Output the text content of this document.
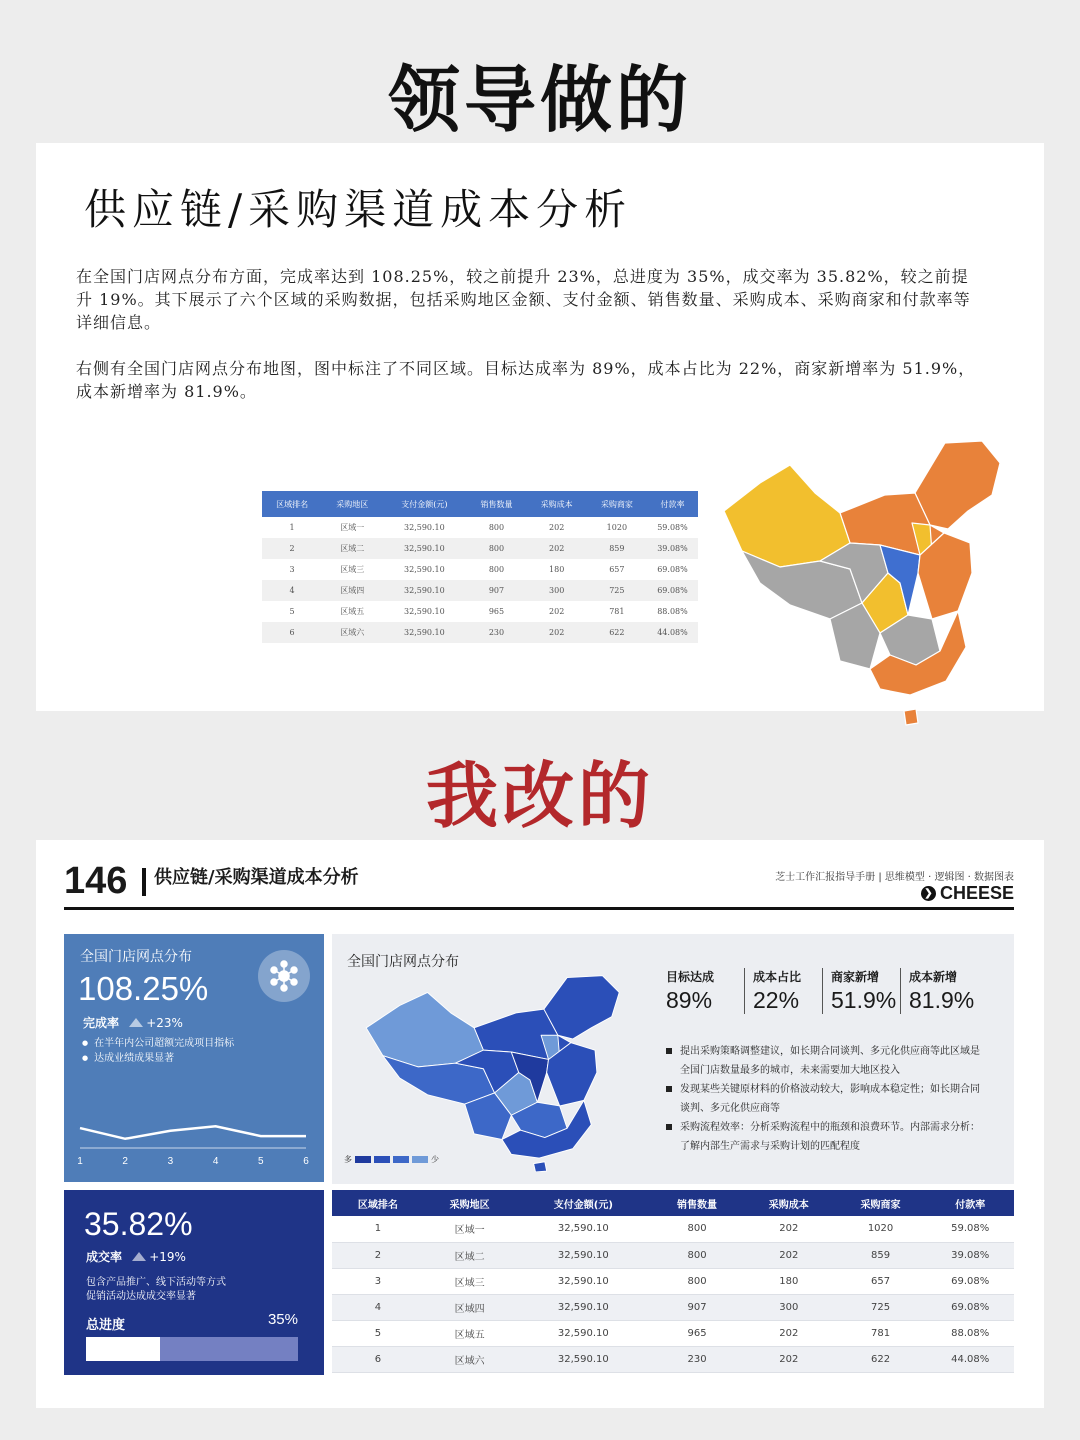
领导做的
供应链/采购渠道成本分析

在全国门店网点分布方面，完成率达到 108.25%，较之前提升 23%，总进度为 35%，成交率为 35.82%，较之前提升 19%。其下展示了六个区域的采购数据，包括采购地区金额、支付金额、销售数量、采购成本、采购商家和付款率等详细信息。

右侧有全国门店网点分布地图，图中标注了不同区域。目标达成率为 89%，成本占比为 22%，商家新增率为 51.9%，成本新增率为 81.9%。

区域排名	采购地区	支付金额(元)	销售数量	采购成本	采购商家	付款率
1	区域一	32,590.10	800	202	1020	59.08%
2	区域二	32,590.10	800	202	859	39.08%
3	区域三	32,590.10	800	180	657	69.08%
4	区域四	32,590.10	907	300	725	69.08%
5	区域五	32,590.10	965	202	781	88.08%
6	区域六	32,590.10	230	202	622	44.08%
我改的
146 供应链/采购渠道成本分析	芝士工作汇报指导手册 | 思维模型 · 逻辑图 · 数据图表
❯ CHEESE
全国门店网点分布
108.25%
完成率 +23%
● 在半年内公司超额完成项目指标
● 达成业绩成果显著
1	2	3	4	5	6
35.82%
成交率 +19%
包含产品推广、线下活动等方式
促销活动达成成交率显著
总进度	35%
全国门店网点分布
多	少
目标达成
89%
成本占比
22%
商家新增
51.9%
成本新增
81.9%
提出采购策略调整建议，如长期合同谈判、多元化供应商等此区域是全国门店数量最多的城市，未来需要加大地区投入
发现某些关键原材料的价格波动较大，影响成本稳定性；如长期合同谈判、多元化供应商等
采购流程效率：分析采购流程中的瓶颈和浪费环节。内部需求分析：了解内部生产需求与采购计划的匹配程度
区域排名	采购地区	支付金额(元)	销售数量	采购成本	采购商家	付款率
1	区域一	32,590.10	800	202	1020	59.08%
2	区域二	32,590.10	800	202	859	39.08%
3	区域三	32,590.10	800	180	657	69.08%
4	区域四	32,590.10	907	300	725	69.08%
5	区域五	32,590.10	965	202	781	88.08%
6	区域六	32,590.10	230	202	622	44.08%
